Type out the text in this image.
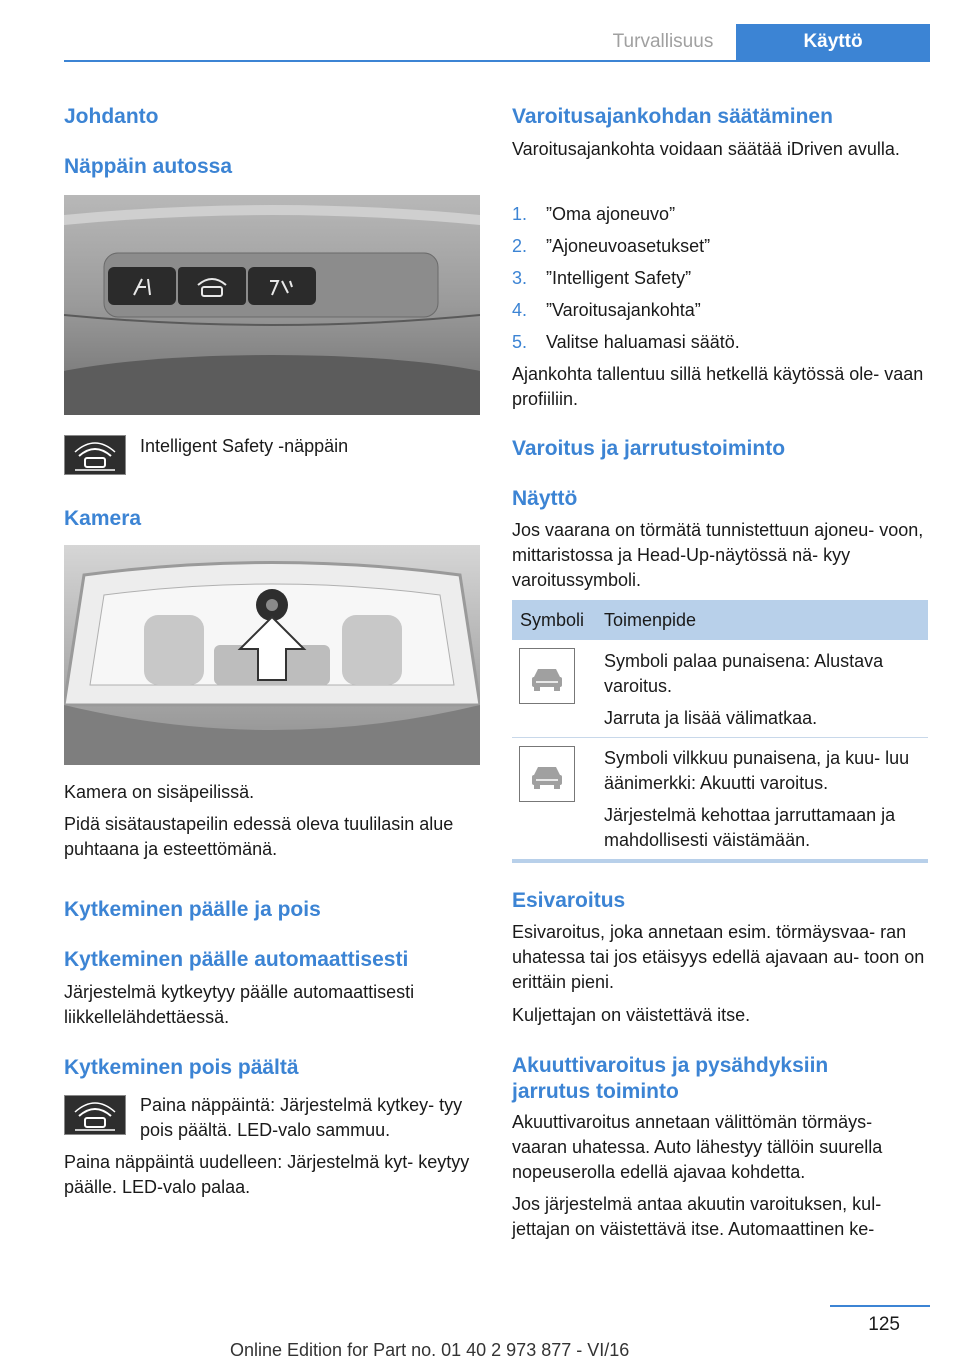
Turvallisuus	Käyttö
Johdanto
Näppäin autossa

Intelligent Safety -näppäin

Kamera

Kamera on sisäpeilissä.

Pidä sisätaustapeilin edessä oleva tuulilasin alue puhtaana ja esteettömänä.

Kytkeminen päälle ja pois
Kytkeminen päälle automaattisesti

Järjestelmä kytkeytyy päälle automaattisesti liikkellelähdettäessä.

Kytkeminen pois päältä

Paina näppäintä: Järjestelmä kytkey‐ tyy pois päältä. LED-valo sammuu.

Paina näppäintä uudelleen: Järjestelmä kyt‐ keytyy päälle. LED-valo palaa.

Varoitusajankohdan säätäminen

Varoitusajankohta voidaan säätää iDriven avulla.

1. ”Oma ajoneuvo”
2. ”Ajoneuvoasetukset”
3. ”Intelligent Safety”
4. ”Varoitusajankohta”
5. Valitse haluamasi säätö.

Ajankohta tallentuu sillä hetkellä käytössä ole‐ vaan profiiliin.

Varoitus ja jarrutustoiminto
Näyttö

Jos vaarana on törmätä tunnistettuun ajoneu‐ voon, mittaristossa ja Head-Up-näytössä nä‐ kyy varoitussymboli.

Symboli Toimenpide

Symboli palaa punaisena: Alustava varoitus.

Jarruta ja lisää välimatkaa.

Symboli vilkkuu punaisena, ja kuu‐ luu äänimerkki: Akuutti varoitus.

Järjestelmä kehottaa jarruttamaan ja mahdollisesti väistämään.

Esivaroitus

Esivaroitus, joka annetaan esim. törmäysvaa‐ ran uhatessa tai jos etäisyys edellä ajavaan au‐ toon on erittäin pieni.

Kuljettajan on väistettävä itse.

Akuuttivaroitus ja pysähdyksiin jarrutus toiminto

Akuuttivaroitus annetaan välittömän törmäys‐ vaaran uhatessa. Auto lähestyy tällöin suurella nopeuserolla edellä ajavaa kohdetta.

Jos järjestelmä antaa akuutin varoituksen, kul‐ jettajan on väistettävä itse. Automaattinen ke‐

125
Online Edition for Part no. 01 40 2 973 877 - VI/16
